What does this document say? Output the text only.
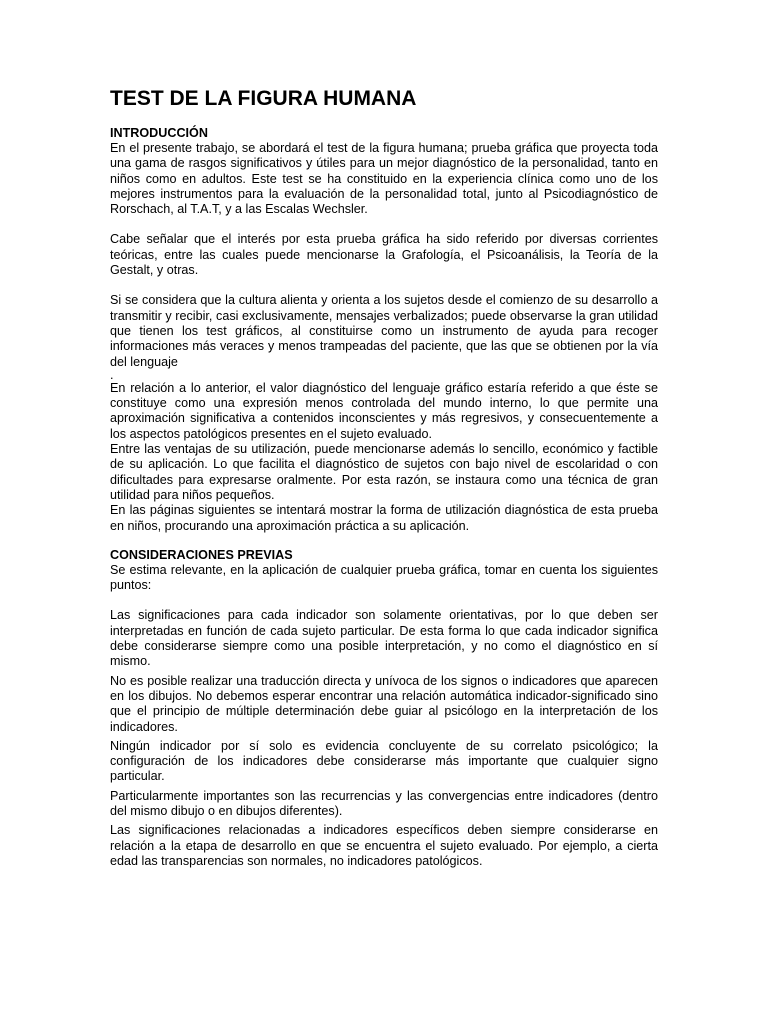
TEST DE LA FIGURA HUMANA
INTRODUCCIÓN

En el presente trabajo, se abordará el test de la figura humana; prueba gráfica que proyecta toda una gama de rasgos significativos y útiles para un mejor diagnóstico de la personalidad, tanto en niños como en adultos. Este test se ha constituido en la experiencia clínica como uno de los mejores instrumentos para la evaluación de la personalidad total, junto al Psicodiagnóstico de Rorschach, al T.A.T, y a las Escalas Wechsler.

Cabe señalar que el interés por esta prueba gráfica ha sido referido por diversas corrientes teóricas, entre las cuales puede mencionarse la Grafología, el Psicoanálisis, la Teoría de la Gestalt, y otras.

Si se considera que la cultura alienta y orienta a los sujetos desde el comienzo de su desarrollo a transmitir y recibir, casi exclusivamente, mensajes verbalizados; puede observarse la gran utilidad que tienen los test gráficos, al constituirse como un instrumento de ayuda para recoger informaciones más veraces y menos trampeadas del paciente, que las que se obtienen por la vía del lenguaje

.

En relación a lo anterior, el valor diagnóstico del lenguaje gráfico estaría referido a que éste se constituye como una expresión menos controlada del mundo interno, lo que permite una aproximación significativa a contenidos inconscientes y más regresivos, y consecuentemente a los aspectos patológicos presentes en el sujeto evaluado.

Entre las ventajas de su utilización, puede mencionarse además lo sencillo, económico y factible de su aplicación. Lo que facilita el diagnóstico de sujetos con bajo nivel de escolaridad o con dificultades para expresarse oralmente. Por esta razón, se instaura como una técnica de gran utilidad para niños pequeños.

En las páginas siguientes se intentará mostrar la forma de utilización diagnóstica de esta prueba en niños, procurando una aproximación práctica a su aplicación.

CONSIDERACIONES PREVIAS

Se estima relevante, en la aplicación de cualquier prueba gráfica, tomar en cuenta los siguientes puntos:

Las significaciones para cada indicador son solamente orientativas, por lo que deben ser interpretadas en función de cada sujeto particular. De esta forma lo que cada indicador significa debe considerarse siempre como una posible interpretación, y no como el diagnóstico en sí mismo.

No es posible realizar una traducción directa y unívoca de los signos o indicadores que aparecen en los dibujos. No debemos esperar encontrar una relación automática indicador-significado sino que el principio de múltiple determinación debe guiar al psicólogo en la interpretación de los indicadores.

Ningún indicador por sí solo es evidencia concluyente de su correlato psicológico; la configuración de los indicadores debe considerarse más importante que cualquier signo particular.

Particularmente importantes son las recurrencias y las convergencias entre indicadores (dentro del mismo dibujo o en dibujos diferentes).

Las significaciones relacionadas a indicadores específicos deben siempre considerarse en relación a la etapa de desarrollo en que se encuentra el sujeto evaluado. Por ejemplo, a cierta edad las transparencias son normales, no indicadores patológicos.
